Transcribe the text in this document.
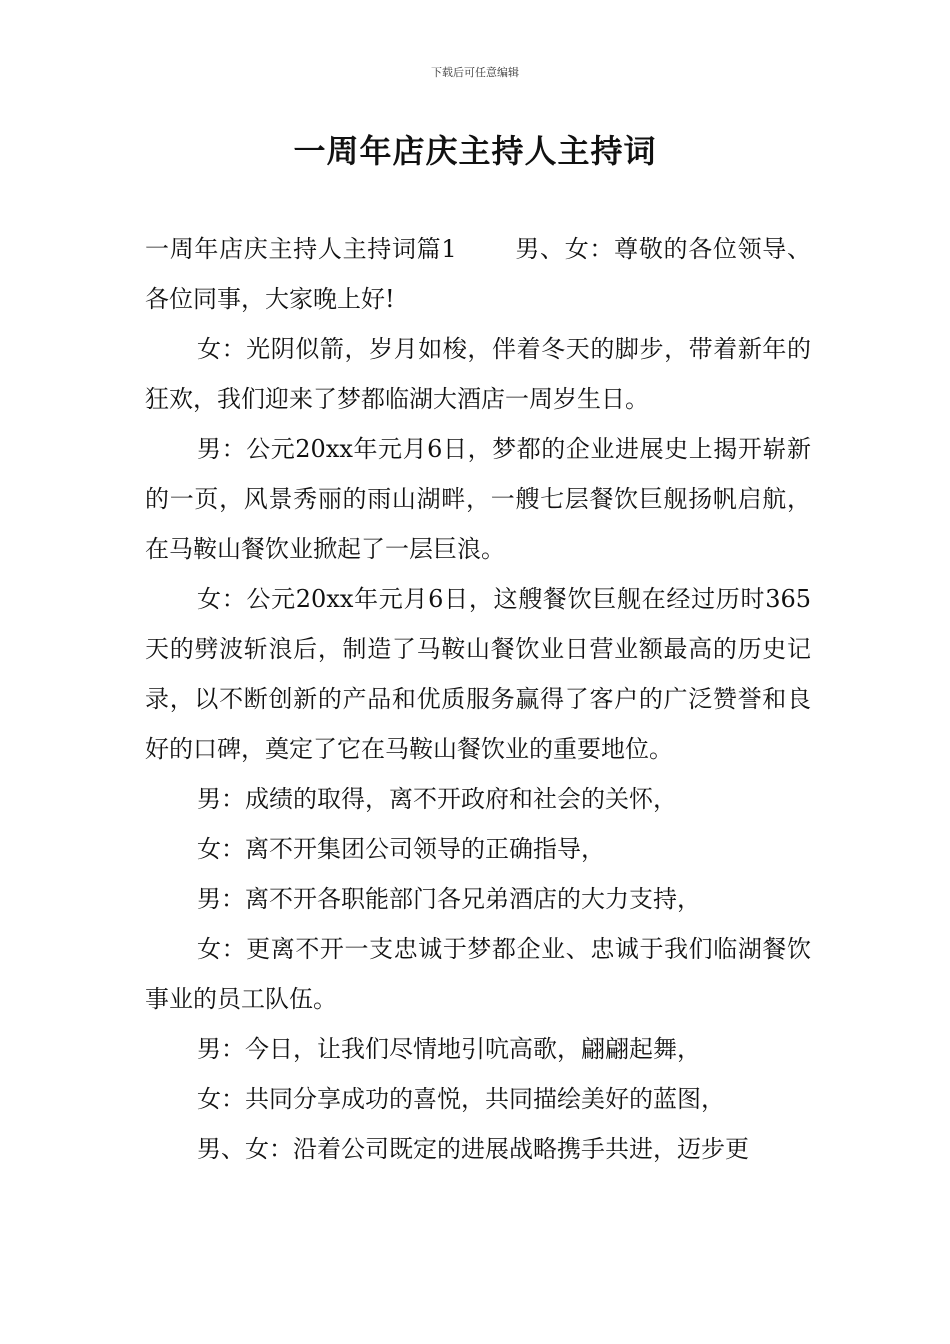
下载后可任意编辑
一周年店庆主持人主持词

一周年店庆主持人主持词篇1 男、女：尊敬的各位领导、各位同事，大家晚上好!

女：光阴似箭，岁月如梭，伴着冬天的脚步，带着新年的狂欢，我们迎来了梦都临湖大酒店一周岁生日。

男：公元20xx年元月6日，梦都的企业进展史上揭开崭新的一页，风景秀丽的雨山湖畔，一艘七层餐饮巨舰扬帆启航，在马鞍山餐饮业掀起了一层巨浪。

女：公元20xx年元月6日，这艘餐饮巨舰在经过历时365天的劈波斩浪后，制造了马鞍山餐饮业日营业额最高的历史记录，以不断创新的产品和优质服务赢得了客户的广泛赞誉和良好的口碑，奠定了它在马鞍山餐饮业的重要地位。

男：成绩的取得，离不开政府和社会的关怀，

女：离不开集团公司领导的正确指导，

男：离不开各职能部门各兄弟酒店的大力支持，

女：更离不开一支忠诚于梦都企业、忠诚于我们临湖餐饮事业的员工队伍。

男：今日，让我们尽情地引吭高歌，翩翩起舞，

女：共同分享成功的喜悦，共同描绘美好的蓝图，

男、女：沿着公司既定的进展战略携手共进，迈步更
